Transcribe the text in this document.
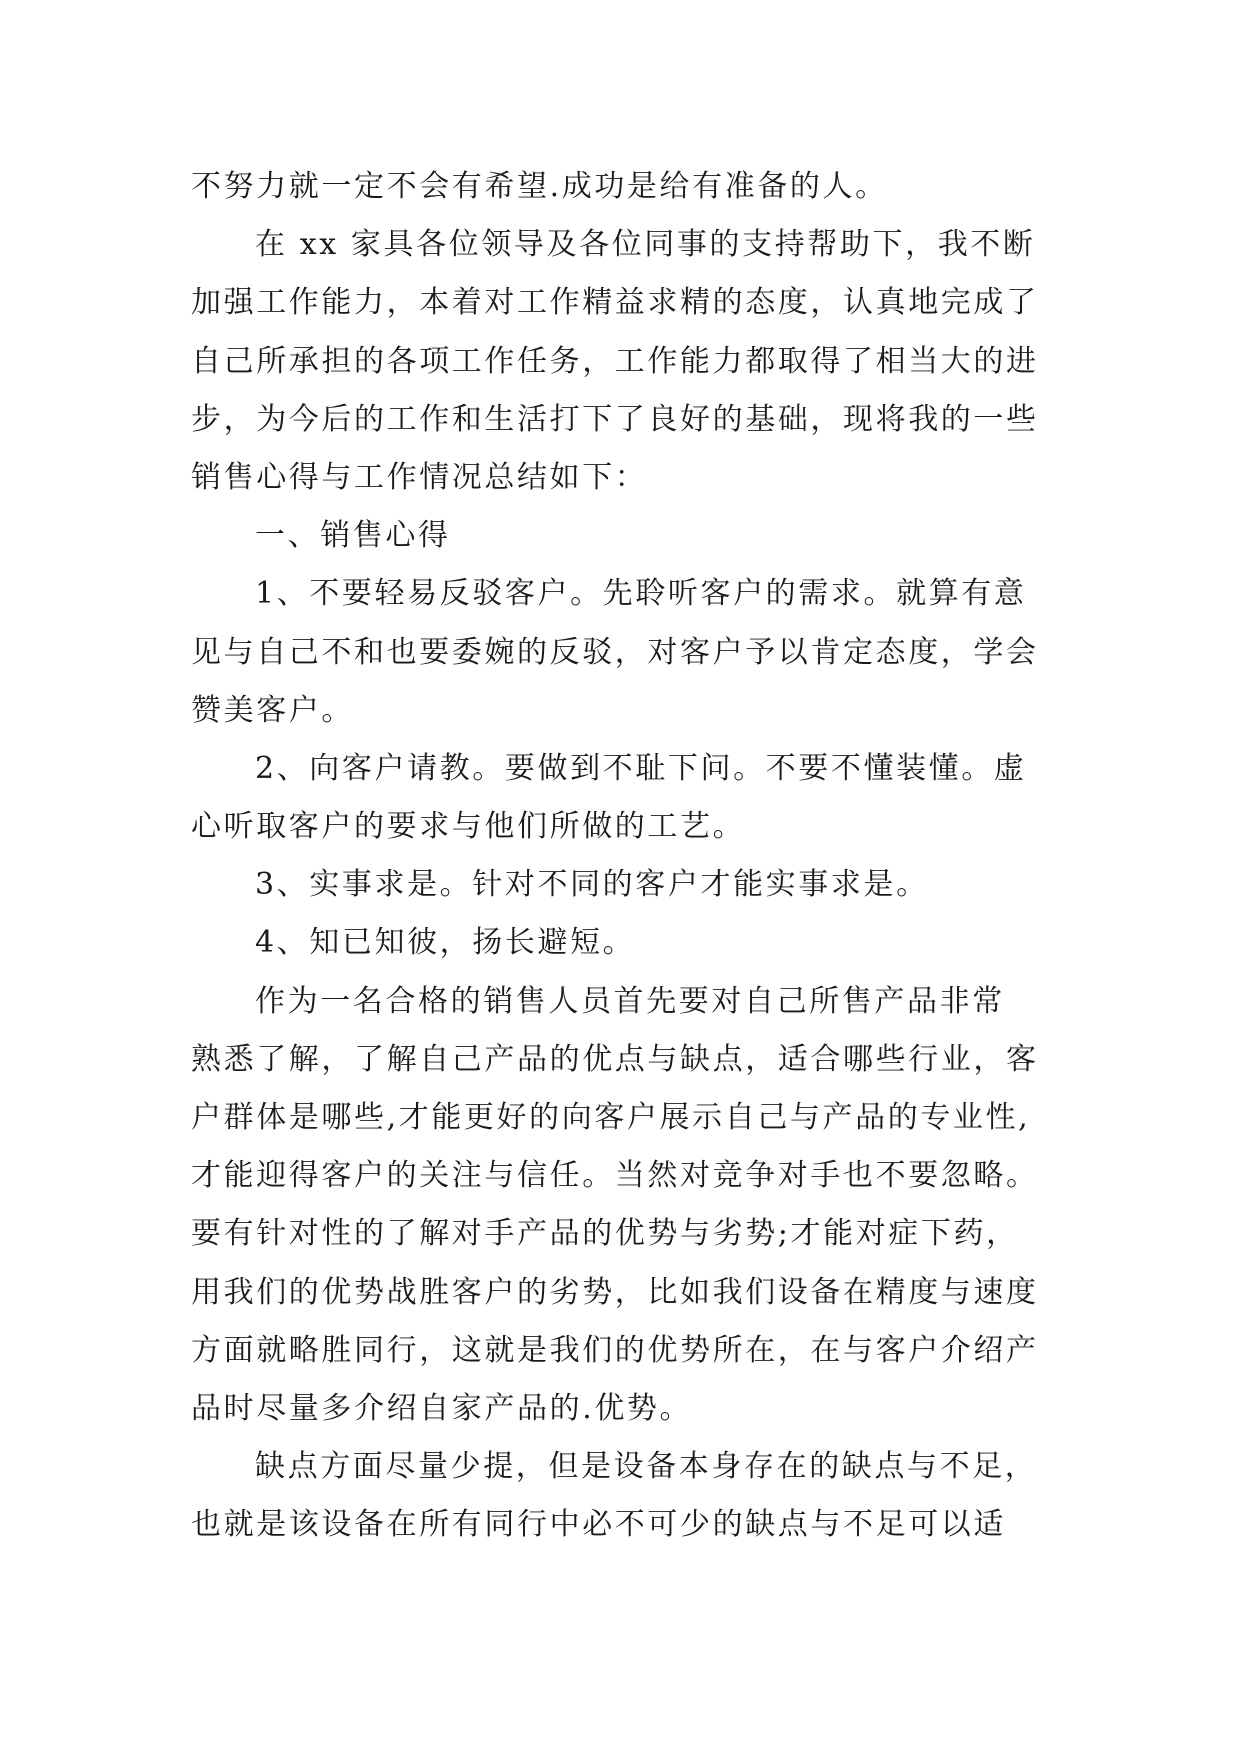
不努力就一定不会有希望.成功是给有准备的人。
在 xx 家具各位领导及各位同事的支持帮助下，我不断
加强工作能力，本着对工作精益求精的态度，认真地完成了
自己所承担的各项工作任务，工作能力都取得了相当大的进
步，为今后的工作和生活打下了良好的基础，现将我的一些
销售心得与工作情况总结如下：
一、销售心得
1、不要轻易反驳客户。先聆听客户的需求。就算有意
见与自己不和也要委婉的反驳，对客户予以肯定态度，学会
赞美客户。
2、向客户请教。要做到不耻下问。不要不懂装懂。虚
心听取客户的要求与他们所做的工艺。
3、实事求是。针对不同的客户才能实事求是。
4、知已知彼，扬长避短。
作为一名合格的销售人员首先要对自己所售产品非常
熟悉了解，了解自己产品的优点与缺点，适合哪些行业，客
户群体是哪些,才能更好的向客户展示自己与产品的专业性,
才能迎得客户的关注与信任。当然对竞争对手也不要忽略。
要有针对性的了解对手产品的优势与劣势;才能对症下药，
用我们的优势战胜客户的劣势，比如我们设备在精度与速度
方面就略胜同行，这就是我们的优势所在，在与客户介绍产
品时尽量多介绍自家产品的.优势。
缺点方面尽量少提，但是设备本身存在的缺点与不足，
也就是该设备在所有同行中必不可少的缺点与不足可以适
